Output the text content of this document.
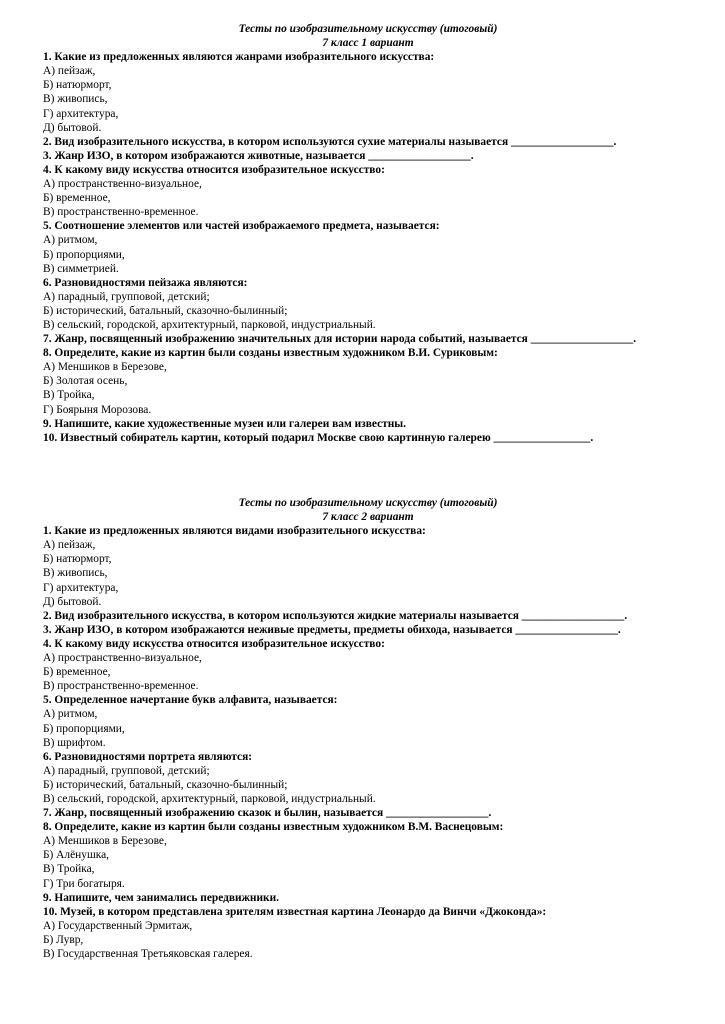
Тесты по изобразительному искусству (итоговый)

7 класс 1 вариант

1. Какие из предложенных являются жанрами изобразительного искусства:

А) пейзаж,

Б) натюрморт,

В) живопись,

Г) архитектура,

Д) бытовой.

2. Вид изобразительного искусства, в котором используются сухие материалы называется __________________.

3. Жанр ИЗО, в котором изображаются животные, называется __________________.

4. К какому виду искусства относится изобразительное искусство:

А) пространственно-визуальное,

Б) временное,

В) пространственно-временное.

5. Соотношение элементов или частей изображаемого предмета, называется:

А) ритмом,

Б) пропорциями,

В) симметрией.

6. Разновидностями пейзажа являются:

А) парадный, групповой, детский;

Б) исторический, батальный, сказочно-былинный;

В) сельский, городской, архитектурный, парковой, индустриальный.

7. Жанр, посвященный изображению значительных для истории народа событий, называется __________________.

8. Определите, какие из картин были созданы известным художником В.И. Суриковым:

А) Меншиков в Березове,

Б) Золотая осень,

В) Тройка,

Г) Боярыня Морозова.

9. Напишите, какие художественные музеи или галереи вам известны.

10. Известный собиратель картин, который подарил Москве свою картинную галерею _________________.

Тесты по изобразительному искусству (итоговый)

7 класс 2 вариант

1. Какие из предложенных являются видами изобразительного искусства:

А) пейзаж,

Б) натюрморт,

В) живопись,

Г) архитектура,

Д) бытовой.

2. Вид изобразительного искусства, в котором используются жидкие материалы называется __________________.

3. Жанр ИЗО, в котором изображаются неживые предметы, предметы обихода, называется __________________.

4. К какому виду искусства относится изобразительное искусство:

А) пространственно-визуальное,

Б) временное,

В) пространственно-временное.

5. Определенное начертание букв алфавита, называется:

А) ритмом,

Б) пропорциями,

В) шрифтом.

6. Разновидностями портрета являются:

А) парадный, групповой, детский;

Б) исторический, батальный, сказочно-былинный;

В) сельский, городской, архитектурный, парковой, индустриальный.

7. Жанр, посвященный изображению сказок и былин, называется __________________.

8. Определите, какие из картин были созданы известным художником В.М. Васнецовым:

А) Меншиков в Березове,

Б) Алёнушка,

В) Тройка,

Г) Три богатыря.

9. Напишите, чем занимались передвижники.

10. Музей, в котором представлена зрителям известная картина Леонардо да Винчи «Джоконда»:

А) Государственный Эрмитаж,

Б) Лувр,

В) Государственная Третьяковская галерея.
